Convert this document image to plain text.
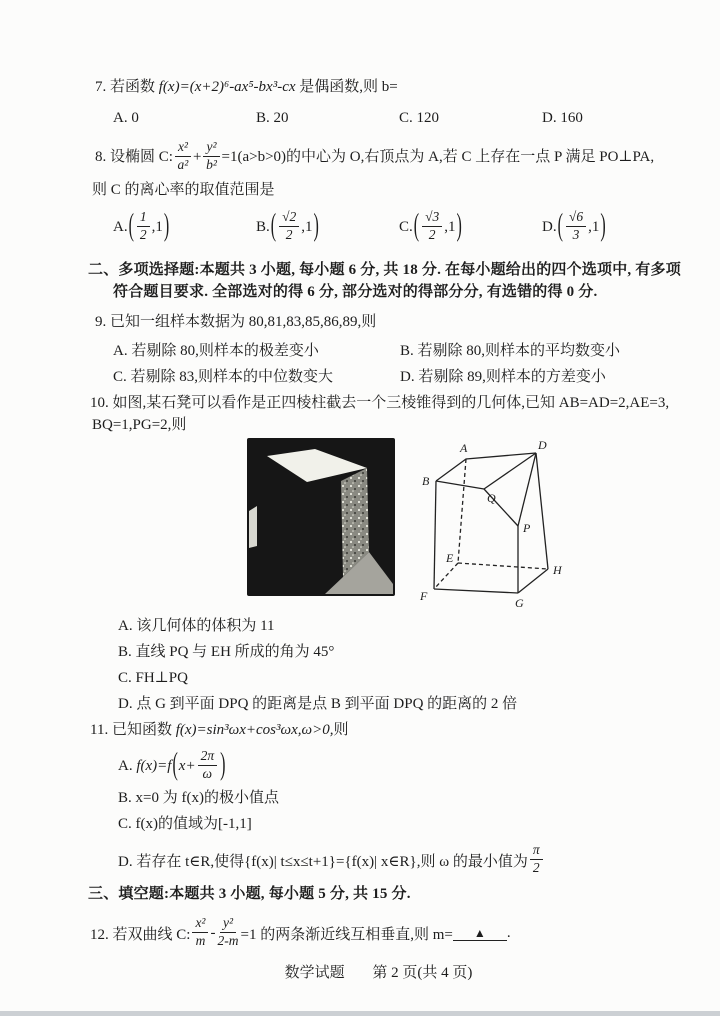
7. 若函数 f(x)=(x+2)⁶-ax⁵-bx³-cx 是偶函数,则 b=
A. 0	B. 20	C. 120	D. 160
8. 设椭圆 C: $\frac{\text{x²}}{\text{a²}} + \frac{\text{y²}}{\text{b²}} =1(a>b>0)$的中心为 O,右顶点为 A,若 C 上存在一点 P 满足 PO⊥PA,
则 C 的离心率的取值范围是
A. ( $\frac{1}{2} ,1$ )	B. ( $\frac{√2}{2} ,1$ )	C. ( $\frac{√3}{2} ,1$ )	D. ( $\frac{√6}{3} ,1$ )
二、多项选择题:本题共 3 小题, 每小题 6 分, 共 18 分. 在每小题给出的四个选项中, 有多项
符合题目要求. 全部选对的得 6 分, 部分选对的得部分分, 有选错的得 0 分.
9. 已知一组样本数据为 80,81,83,85,86,89,则
A. 若剔除 80,则样本的极差变小	B. 若剔除 80,则样本的平均数变小
C. 若剔除 83,则样本的中位数变大	D. 若剔除 89,则样本的方差变小
10. 如图,某石凳可以看作是正四棱柱截去一个三棱锥得到的几何体,已知 AB=AD=2,AE=3,
BQ=1,PG=2,则
A	D
B
Q
P
E
H
F	G
A. 该几何体的体积为 11
B. 直线 PQ 与 EH 所成的角为 45°
C. FH⊥PQ
D. 点 G 到平面 DPQ 的距离是点 B 到平面 DPQ 的距离的 2 倍
11. 已知函数 f(x)=sin³ωx+cos³ωx,ω>0,则
A.
f(x)=f ( $x+ \frac{2\pi}{\omega}$ )
B. x=0 为 f(x)的极小值点
C. f(x)的值域为[-1,1]
D. 若存在 t∈R,使得{f(x)| t≤x≤t+1}={f(x)| x∈R},则 ω 的最小值为 $\frac{\pi}{2}$
三、填空题:本题共 3 小题, 每小题 5 分, 共 15 分.
12. 若双曲线 C: $\frac{\text{x²}}{m} - \frac{\text{y²}}{2-m} =1$ 的两条渐近线互相垂直,则 m=	▲	.
数学试题 第 2 页(共 4 页)
